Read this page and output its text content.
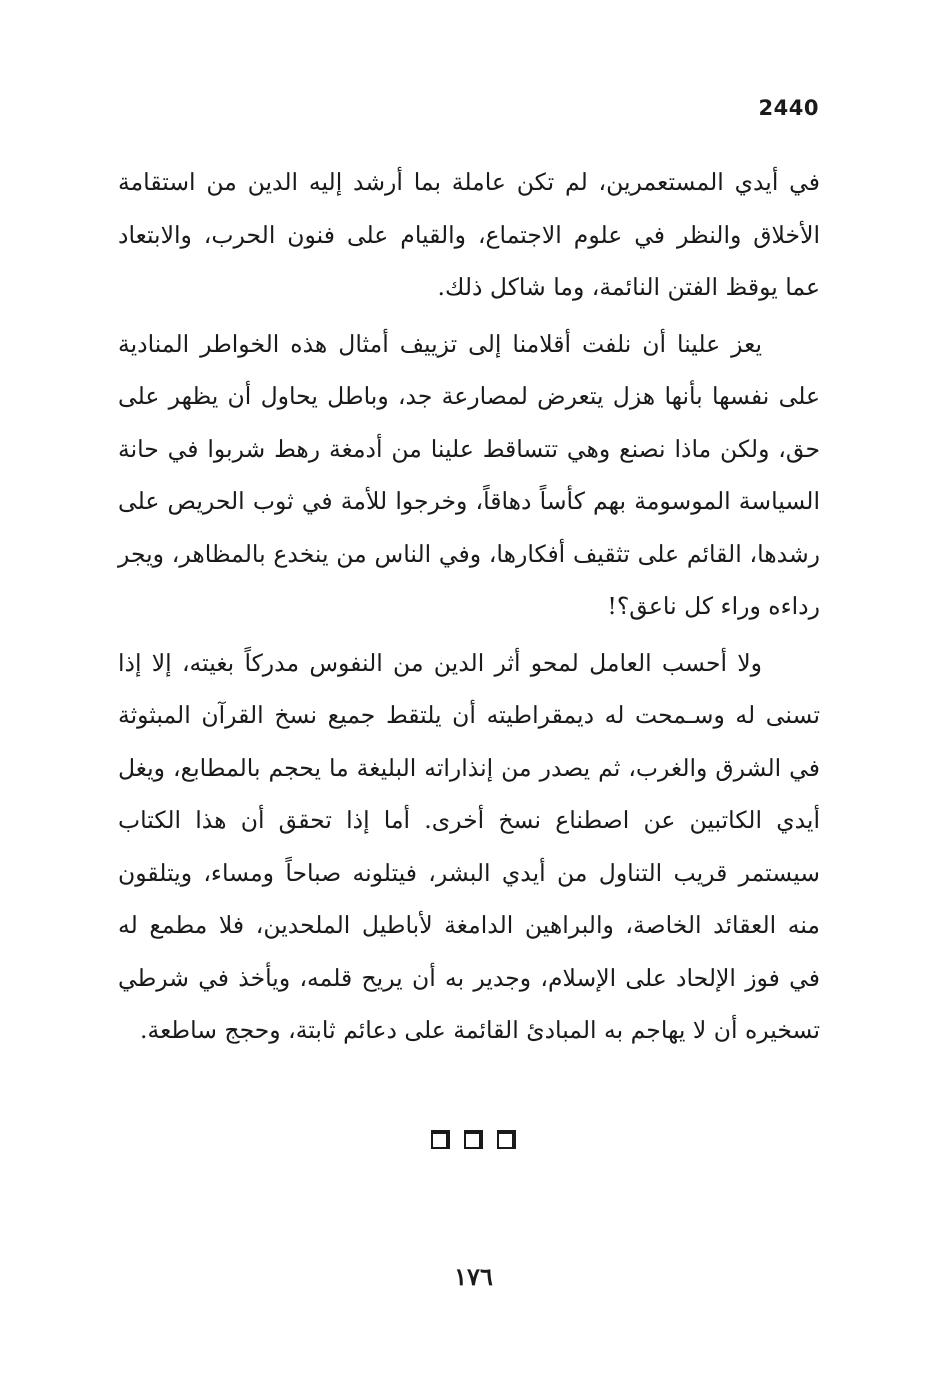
2440

في أيدي المستعمرين، لم تكن عاملة بما أرشد إليه الدين من استقامة الأخلاق والنظر في علوم الاجتماع، والقيام على فنون الحرب، والابتعاد عما يوقظ الفتن النائمة، وما شاكل ذلك.

يعز علينا أن نلفت أقلامنا إلى تزييف أمثال هذه الخواطر المنادية على نفسها بأنها هزل يتعرض لمصارعة جد، وباطل يحاول أن يظهر على حق، ولكن ماذا نصنع وهي تتساقط علينا من أدمغة رهط شربوا في حانة السياسة الموسومة بهم كأساً دهاقاً، وخرجوا للأمة في ثوب الحريص على رشدها، القائم على تثقيف أفكارها، وفي الناس من ينخدع بالمظاهر، ويجر رداءه وراء كل ناعق؟!

ولا أحسب العامل لمحو أثر الدين من النفوس مدركاً بغيته، إلا إذا تسنى له وسـمحت له ديمقراطيته أن يلتقط جميع نسخ القرآن المبثوثة في الشرق والغرب، ثم يصدر من إنذاراته البليغة ما يحجم بالمطابع، ويغل أيدي الكاتبين عن اصطناع نسخ أخرى. أما إذا تحقق أن هذا الكتاب سيستمر قريب التناول من أيدي البشر، فيتلونه صباحاً ومساء، ويتلقون منه العقائد الخاصة، والبراهين الدامغة لأباطيل الملحدين، فلا مطمع له في فوز الإلحاد على الإسلام، وجدير به أن يريح قلمه، ويأخذ في شرطي تسخيره أن لا يهاجم به المبادئ القائمة على دعائم ثابتة، وحجج ساطعة.

١٧٦
